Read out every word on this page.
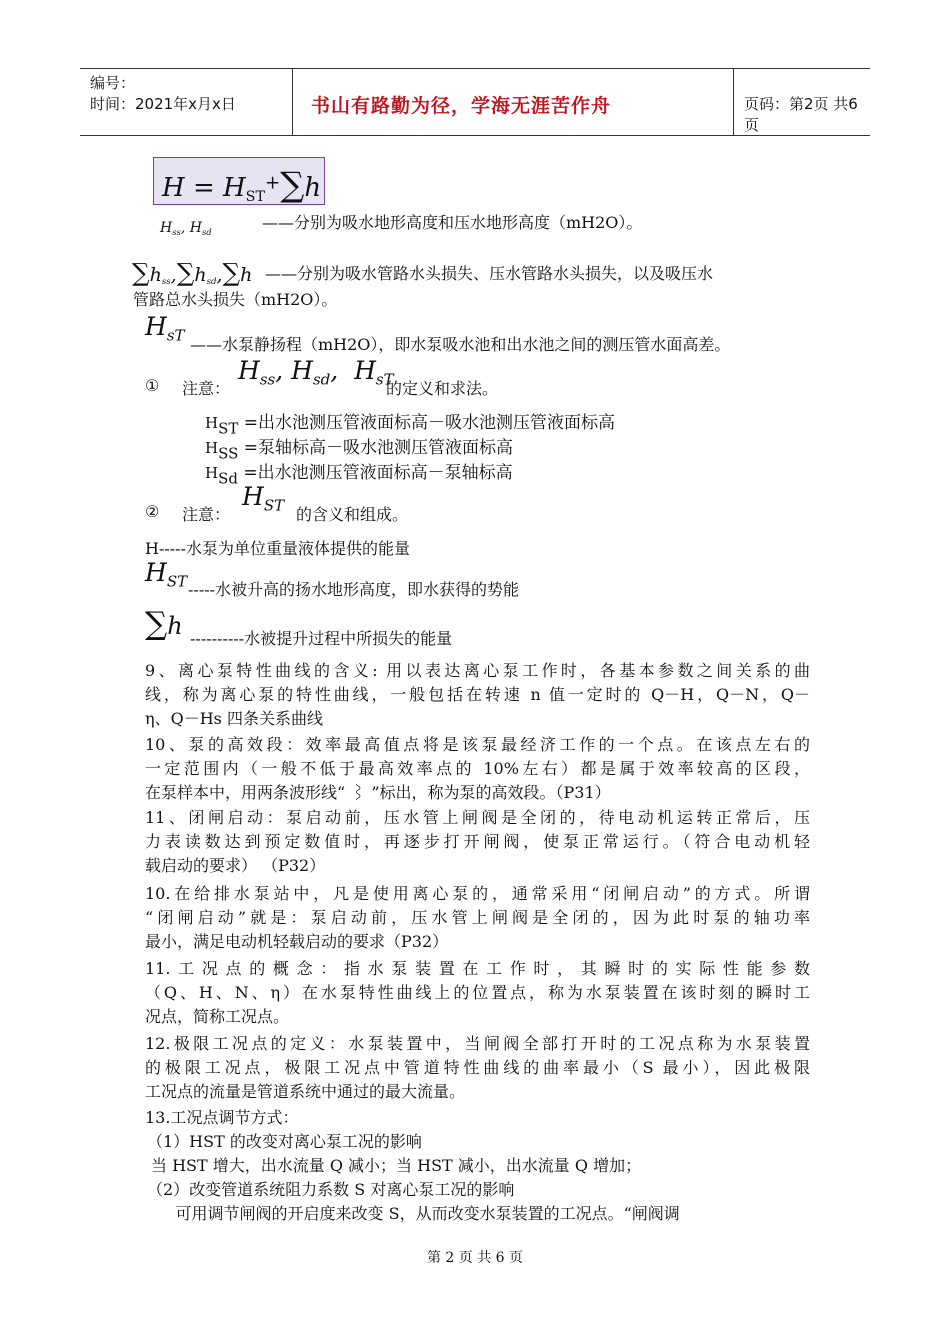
编号：
时间：2021年x月x日	书山有路勤为径，学海无涯苦作舟	页码：第2页 共6页
$H = H_{ST}^+\sum h$
$H_{ss}$, $H_{sd}$	——分别为吸水地形高度和压水地形高度（mH2O）。
$\sum h_{ss},\sum h_{sd},\sum h$ ——分别为吸水管路水头损失、压水管路水头损失，以及吸压水
管路总水头损失（mH2O）。
$H_{sT}$ ——水泵静扬程（mH2O），即水泵吸水池和出水池之间的测压管水面高差。
① 注意：
$H_{ss}$, $H_{sd}$,  $H_{sT}$
的定义和求法。
HST =出水池测压管液面标高－吸水池测压管液面标高
HSS =泵轴标高－吸水池测压管液面标高
HSd =出水池测压管液面标高－泵轴标高
② 注意：
$H_{ST}$ 的含义和组成。
H-----水泵为单位重量液体提供的能量
$H_{ST}$ -----水被升高的扬水地形高度，即水获得的势能
∑h ----------水被提升过程中所损失的能量
9、离心泵特性曲线的含义: 用以表达离心泵工作时，各基本参数之间关系的曲
线，称为离心泵的特性曲线，一般包括在转速 n 值一定时的 Q－H，Q－N，Q－
η、Q－Hs 四条关系曲线
10、泵的高效段：效率最高值点将是该泵最经济工作的一个点。在该点左右的
一定范围内（一般不低于最高效率点的 10%左右）都是属于效率较高的区段，
在泵样本中，用两条波形线“ ⌇ ”标出，称为泵的高效段。（P31）
11、闭闸启动：泵启动前，压水管上闸阀是全闭的，待电动机运转正常后，压
力表读数达到预定数值时，再逐步打开闸阀，使泵正常运行。（符合电动机轻
载启动的要求） （P32）
10.在给排水泵站中，凡是使用离心泵的，通常采用“闭闸启动”的方式。所谓
“闭闸启动”就是：泵启动前，压水管上闸阀是全闭的，因为此时泵的轴功率
最小，满足电动机轻载启动的要求（P32）
11.工况点的概念：指水泵装置在工作时，其瞬时的实际性能参数
（Q、H、N、η）在水泵特性曲线上的位置点，称为水泵装置在该时刻的瞬时工
况点，简称工况点。
12.极限工况点的定义：水泵装置中，当闸阀全部打开时的工况点称为水泵装置
的极限工况点，极限工况点中管道特性曲线的曲率最小（S 最小），因此极限
工况点的流量是管道系统中通过的最大流量。
13.工况点调节方式：
（1）HST 的改变对离心泵工况的影响
当 HST 增大，出水流量 Q 减小；当 HST 减小，出水流量 Q 增加；
（2）改变管道系统阻力系数 S 对离心泵工况的影响
可用调节闸阀的开启度来改变 S，从而改变水泵装置的工况点。“闸阀调
第 2 页 共 6 页
